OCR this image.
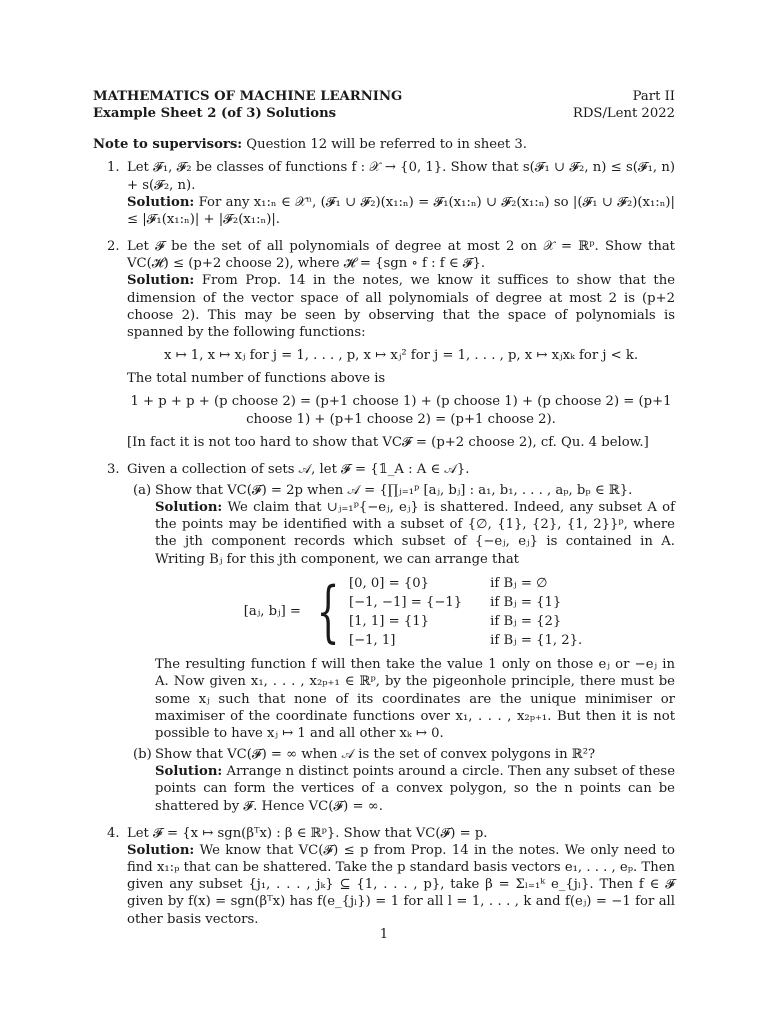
MATHEMATICS OF MACHINE LEARNING	Part II
Example Sheet 2 (of 3) Solutions	RDS/Lent 2022
Note to supervisors: Question 12 will be referred to in sheet 3.
1. Let 𝓕₁, 𝓕₂ be classes of functions f : 𝒳 → {0, 1}. Show that s(𝓕₁ ∪ 𝓕₂, n) ≤ s(𝓕₁, n) + s(𝓕₂, n).
Solution: For any x₁:ₙ ∈ 𝒳ⁿ, (𝓕₁ ∪ 𝓕₂)(x₁:ₙ) = 𝓕₁(x₁:ₙ) ∪ 𝓕₂(x₁:ₙ) so |(𝓕₁ ∪ 𝓕₂)(x₁:ₙ)| ≤ |𝓕₁(x₁:ₙ)| + |𝓕₂(x₁:ₙ)|.
2. Let 𝓕 be the set of all polynomials of degree at most 2 on 𝒳 = ℝᵖ. Show that VC(𝓗) ≤ (p+2 choose 2), where 𝓗 = {sgn ∘ f : f ∈ 𝓕}.
Solution: From Prop. 14 in the notes, we know it suffices to show that the dimension of the vector space of all polynomials of degree at most 2 is (p+2 choose 2). This may be seen by observing that the space of polynomials is spanned by the following functions:
x ↦ 1, x ↦ xⱼ for j = 1, . . . , p, x ↦ xⱼ² for j = 1, . . . , p, x ↦ xⱼxₖ for j < k.
The total number of functions above is
1 + p + p + (p choose 2) = (p+1 choose 1) + (p choose 1) + (p choose 2) = (p+1 choose 1) + (p+1 choose 2) = (p+1 choose 2).
[In fact it is not too hard to show that VC𝓕 = (p+2 choose 2), cf. Qu. 4 below.]
3. Given a collection of sets 𝒜, let 𝓕 = {𝟙_A : A ∈ 𝒜}.
(a) Show that VC(𝓕) = 2p when 𝒜 = {∏ⱼ₌₁ᵖ [aⱼ, bⱼ] : a₁, b₁, . . . , aₚ, bₚ ∈ ℝ}.
Solution: We claim that ∪ⱼ₌₁ᵖ{−eⱼ, eⱼ} is shattered. Indeed, any subset A of the points may be identified with a subset of {∅, {1}, {2}, {1, 2}}ᵖ, where the jth component records which subset of {−eⱼ, eⱼ} is contained in A. Writing Bⱼ for this jth component, we can arrange that
[aⱼ, bⱼ] = { [0, 0] = {0}	if Bⱼ = ∅
[−1, −1] = {−1}	if Bⱼ = {1}
[1, 1] = {1}	if Bⱼ = {2}
[−1, 1]	if Bⱼ = {1, 2}.
The resulting function f will then take the value 1 only on those eⱼ or −eⱼ in A. Now given x₁, . . . , x₂ₚ₊₁ ∈ ℝᵖ, by the pigeonhole principle, there must be some xⱼ such that none of its coordinates are the unique minimiser or maximiser of the coordinate functions over x₁, . . . , x₂ₚ₊₁. But then it is not possible to have xⱼ ↦ 1 and all other xₖ ↦ 0.
(b) Show that VC(𝓕) = ∞ when 𝒜 is the set of convex polygons in ℝ²?
Solution: Arrange n distinct points around a circle. Then any subset of these points can form the vertices of a convex polygon, so the n points can be shattered by 𝓕. Hence VC(𝓕) = ∞.
4. Let 𝓕 = {x ↦ sgn(βᵀx) : β ∈ ℝᵖ}. Show that VC(𝓕) = p.
Solution: We know that VC(𝓕) ≤ p from Prop. 14 in the notes. We only need to find x₁:ₚ that can be shattered. Take the p standard basis vectors e₁, . . . , eₚ. Then given any subset {j₁, . . . , jₖ} ⊆ {1, . . . , p}, take β = Σₗ₌₁ᵏ e_{jₗ}. Then f ∈ 𝓕 given by f(x) = sgn(βᵀx) has f(e_{jₗ}) = 1 for all l = 1, . . . , k and f(eⱼ) = −1 for all other basis vectors.
1
